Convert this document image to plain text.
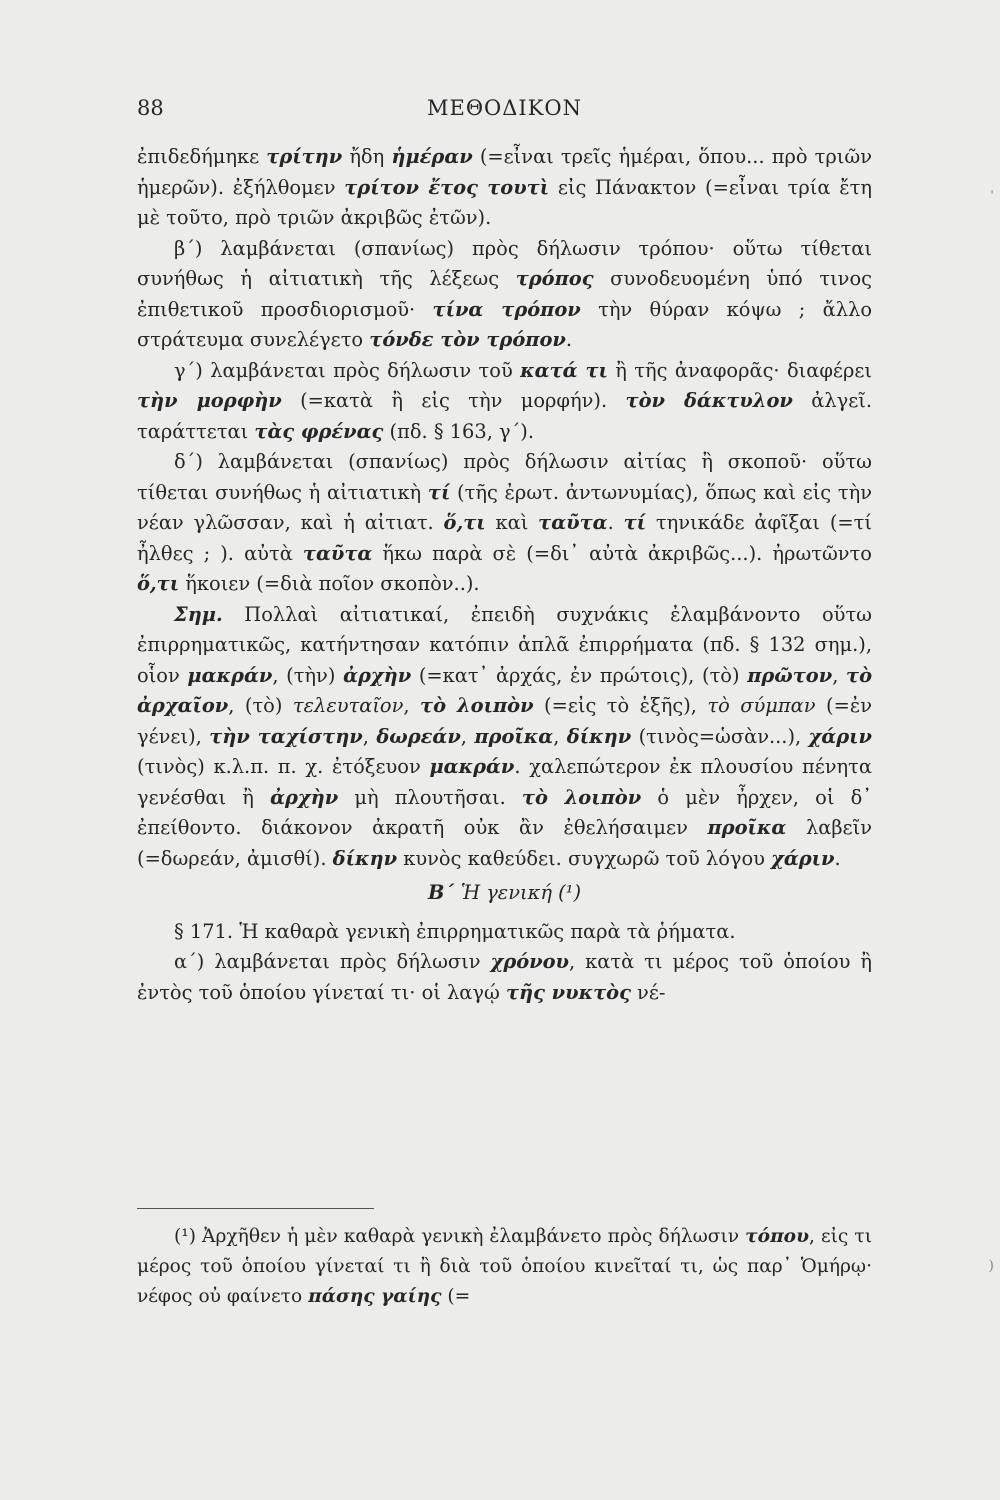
88	ΜΕΘΟΔΙΚΟΝ

ἐπιδεδήμηκε τρίτην ἤδη ἡμέραν (=εἶναι τρεῖς ἡμέραι, ὅπου... πρὸ τριῶν ἡμερῶν). ἐξήλθομεν τρίτον ἔτος τουτὶ εἰς Πάνακτον (=εἶναι τρία ἔτη μὲ τοῦτο, πρὸ τριῶν ἀκριβῶς ἐτῶν).

β΄) λαμβάνεται (σπανίως) πρὸς δήλωσιν τρόπου· οὕτω τίθεται συνήθως ἡ αἰτιατικὴ τῆς λέξεως τρόπος συνοδευομένη ὑπό τινος ἐπιθετικοῦ προσδιορισμοῦ· τίνα τρόπον τὴν θύραν κόψω ; ἄλλο στράτευμα συνελέγετο τόνδε τὸν τρόπον.

γ΄) λαμβάνεται πρὸς δήλωσιν τοῦ κατά τι ἢ τῆς ἀναφορᾶς· διαφέρει τὴν μορφὴν (=κατὰ ἢ εἰς τὴν μορφήν). τὸν δάκτυλον ἀλγεῖ. ταράττεται τὰς φρένας (πδ. § 163, γ΄).

δ΄) λαμβάνεται (σπανίως) πρὸς δήλωσιν αἰτίας ἢ σκοποῦ· οὕτω τίθεται συνήθως ἡ αἰτιατικὴ τί (τῆς ἐρωτ. ἀντωνυμίας), ὅπως καὶ εἰς τὴν νέαν γλῶσσαν, καὶ ἡ αἰτιατ. ὅ,τι καὶ ταῦτα. τί τηνικάδε ἀφῖξαι (=τί ἦλθες ; ). αὐτὰ ταῦτα ἥκω παρὰ σὲ (=δι᾽ αὐτὰ ἀκριβῶς...). ἠρωτῶντο ὅ,τι ἥκοιεν (=διὰ ποῖον σκοπὸν..).

Σημ. Πολλαὶ αἰτιατικαί, ἐπειδὴ συχνάκις ἐλαμβάνοντο οὕτω ἐπιρρηματικῶς, κατήντησαν κατόπιν ἁπλᾶ ἐπιρρήματα (πδ. § 132 σημ.), οἷον μακράν, (τὴν) ἀρχὴν (=κατ᾽ ἀρχάς, ἐν πρώτοις), (τὸ) πρῶτον, τὸ ἀρχαῖον, (τὸ) τελευταῖον, τὸ λοιπὸν (=εἰς τὸ ἑξῆς), τὸ σύμπαν (=ἐν γένει), τὴν ταχίστην, δωρεάν, προῖκα, δίκην (τινὸς=ὡσὰν...), χάριν (τινὸς) κ.λ.π. π. χ. ἐτόξευον μακράν. χαλεπώτερον ἐκ πλουσίου πένητα γενέσθαι ἢ ἀρχὴν μὴ πλουτῆσαι. τὸ λοιπὸν ὁ μὲν ἦρχεν, οἱ δ᾽ ἐπείθοντο. διάκονον ἀκρατῆ οὐκ ἂν ἐθελήσαιμεν προῖκα λαβεῖν (=δωρεάν, ἀμισθί). δίκην κυνὸς καθεύδει. συγχωρῶ τοῦ λόγου χάριν.

Β΄ Ἡ γενική (¹)

§ 171. Ἡ καθαρὰ γενικὴ ἐπιρρηματικῶς παρὰ τὰ ῥήματα.

α΄) λαμβάνεται πρὸς δήλωσιν χρόνου, κατὰ τι μέρος τοῦ ὁποίου ἢ ἐντὸς τοῦ ὁποίου γίνεταί τι· οἱ λαγῴ τῆς νυκτὸς νέ-

(¹) Ἀρχῆθεν ἡ μὲν καθαρὰ γενικὴ ἐλαμβάνετο πρὸς δήλωσιν τόπου, εἰς τι μέρος τοῦ ὁποίου γίνεταί τι ἢ διὰ τοῦ ὁποίου κινεῖταί τι, ὡς παρ᾽ Ὁμήρῳ· νέφος οὐ φαίνετο πάσης γαίης (=

ˌ
)
